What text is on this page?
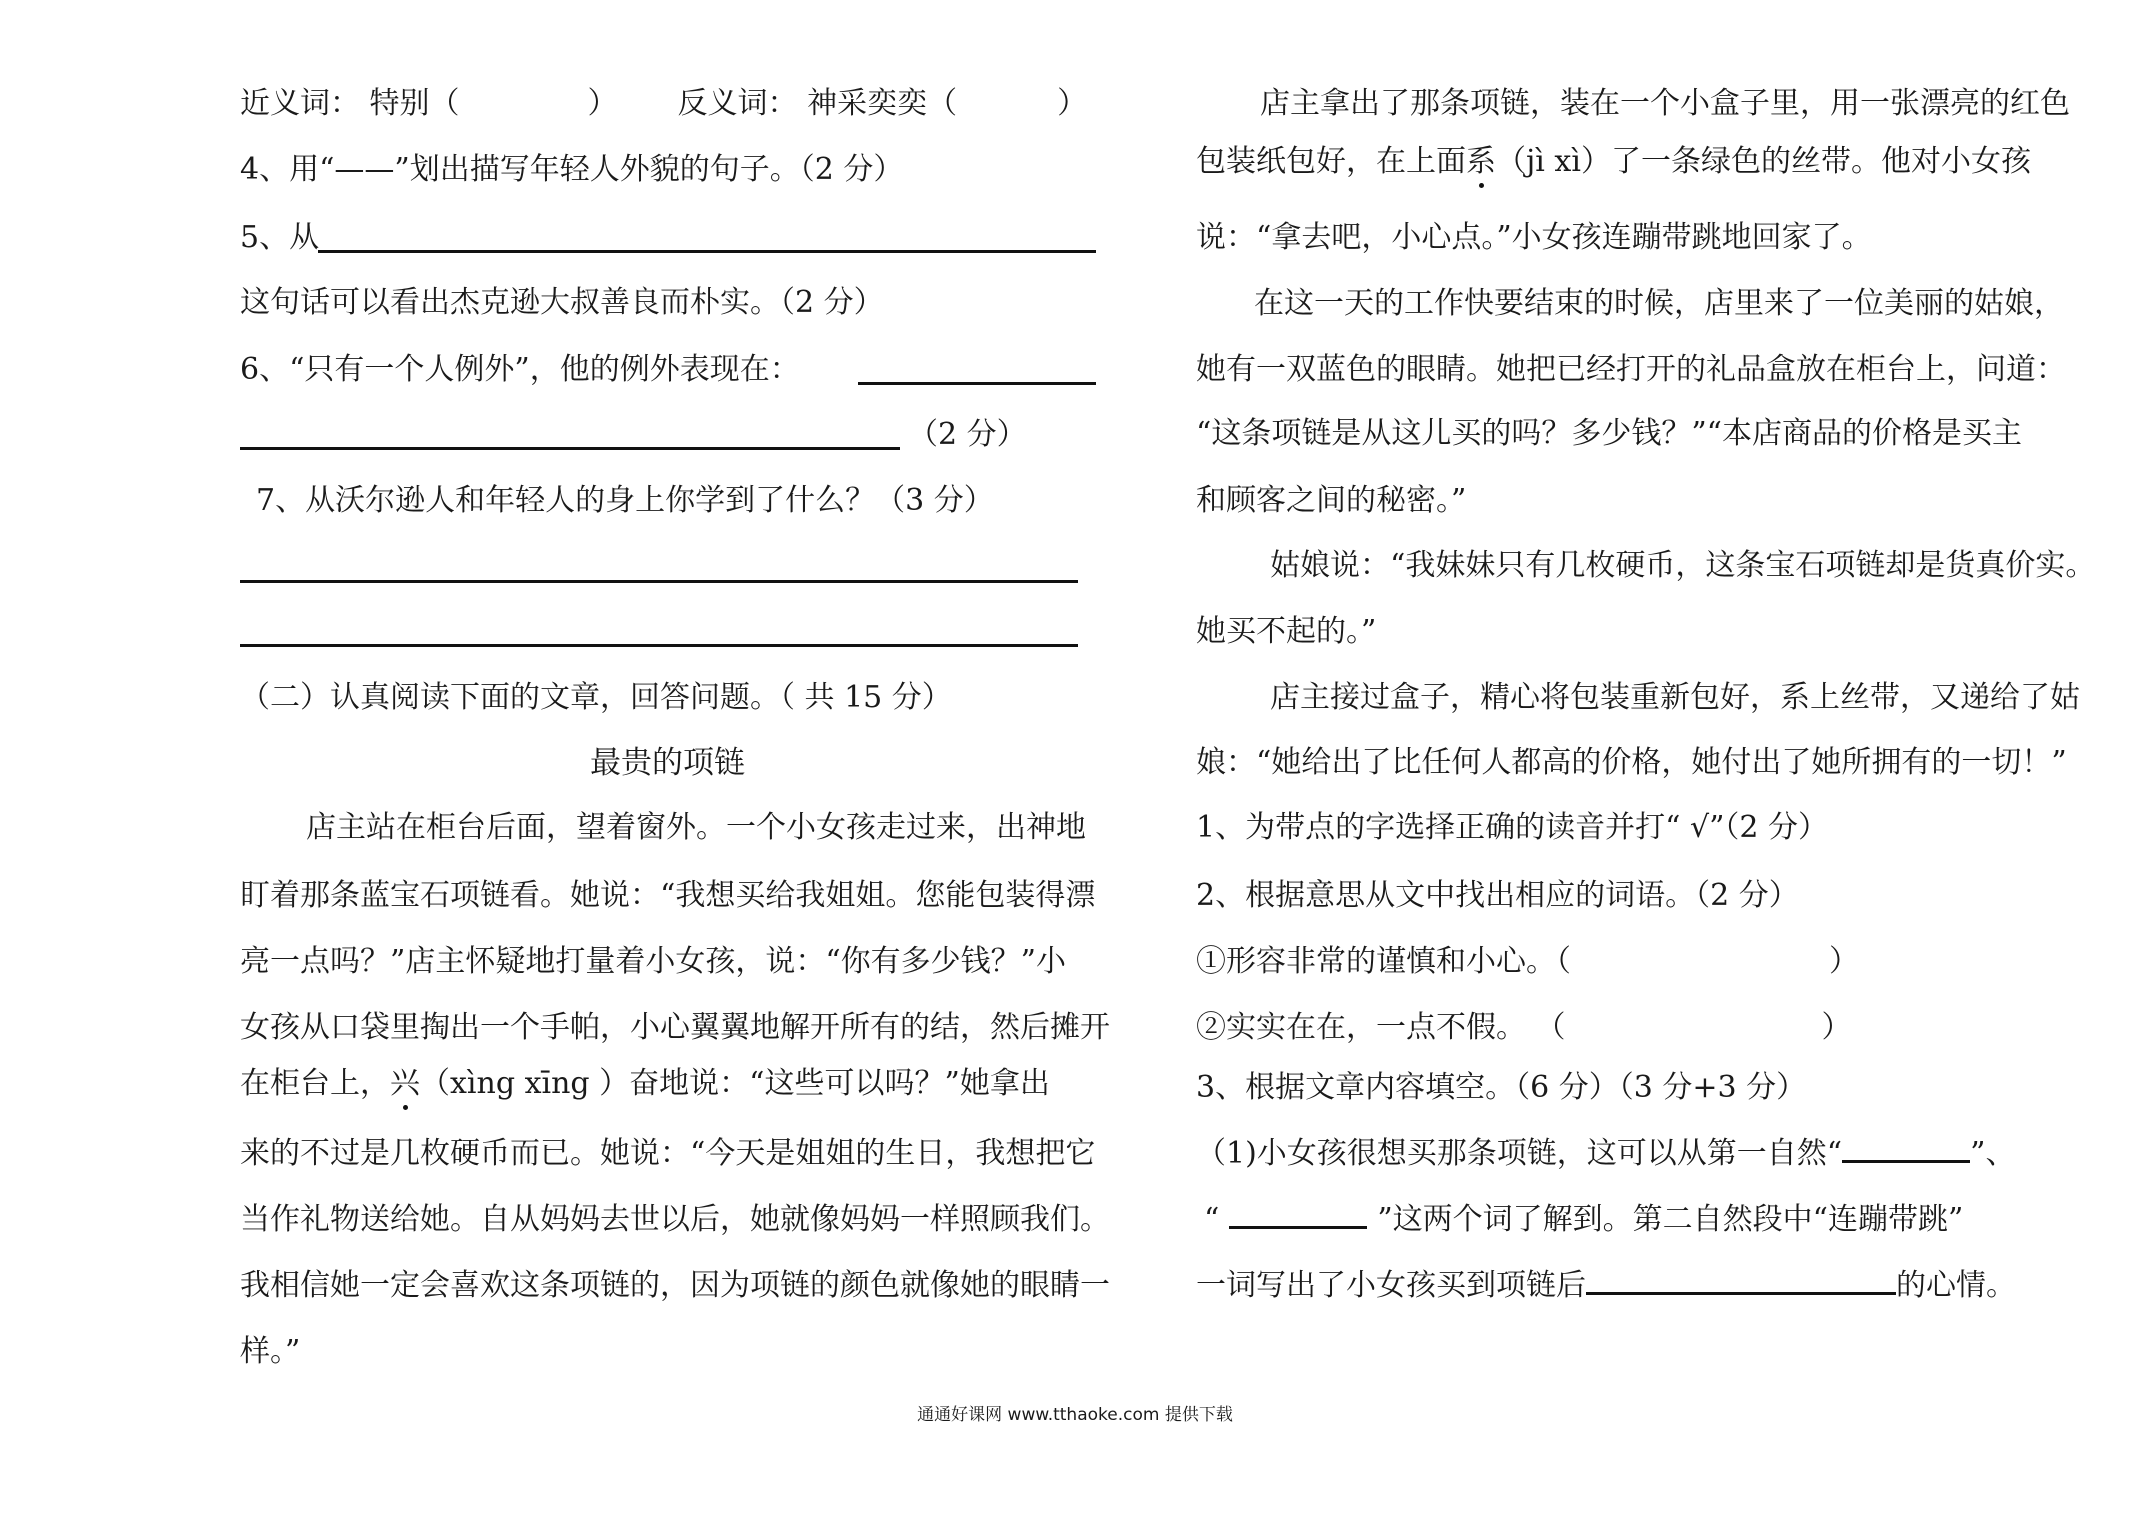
近义词： 特别（	） 反义词： 神采奕奕（	）
4、用“——”划出描写年轻人外貌的句子。（2 分）
5、从
这句话可以看出杰克逊大叔善良而朴实。（2 分）
6、“只有一个人例外”，他的例外表现在：
（2 分）
7、从沃尔逊人和年轻人的身上你学到了什么？（3 分）
（二）认真阅读下面的文章，回答问题。（ 共 15 分）
最贵的项链
店主站在柜台后面，望着窗外。一个小女孩走过来，出神地
盯着那条蓝宝石项链看。她说：“我想买给我姐姐。您能包装得漂
亮一点吗？”店主怀疑地打量着小女孩，说：“你有多少钱？”小
女孩从口袋里掏出一个手帕，小心翼翼地解开所有的结，然后摊开
在柜台上，兴（xìng xīng ）奋地说：“这些可以吗？”她拿出
来的不过是几枚硬币而已。她说：“今天是姐姐的生日，我想把它
当作礼物送给她。自从妈妈去世以后，她就像妈妈一样照顾我们。
我相信她一定会喜欢这条项链的，因为项链的颜色就像她的眼睛一
样。”
店主拿出了那条项链，装在一个小盒子里，用一张漂亮的红色
包装纸包好，在上面系（jì xì）了一条绿色的丝带。他对小女孩
说：“拿去吧，小心点。”小女孩连蹦带跳地回家了。
在这一天的工作快要结束的时候，店里来了一位美丽的姑娘，
她有一双蓝色的眼睛。她把已经打开的礼品盒放在柜台上，问道：
“这条项链是从这儿买的吗？多少钱？”“本店商品的价格是买主
和顾客之间的秘密。”
姑娘说：“我妹妹只有几枚硬币，这条宝石项链却是货真价实。
她买不起的。”
店主接过盒子，精心将包装重新包好，系上丝带，又递给了姑
娘：“她给出了比任何人都高的价格，她付出了她所拥有的一切！”
1、为带点的字选择正确的读音并打“ √”（2 分）
2、根据意思从文中找出相应的词语。（2 分）
①形容非常的谨慎和小心。（	）
②实实在在，一点不假。 （	）
3、根据文章内容填空。（6 分）（3 分+3 分）
（1)小女孩很想买那条项链，这可以从第一自然“	”、
“	”这两个词了解到。第二自然段中“连蹦带跳”
一词写出了小女孩买到项链后	的心情。
通通好课网 www.tthaoke.com 提供下载
